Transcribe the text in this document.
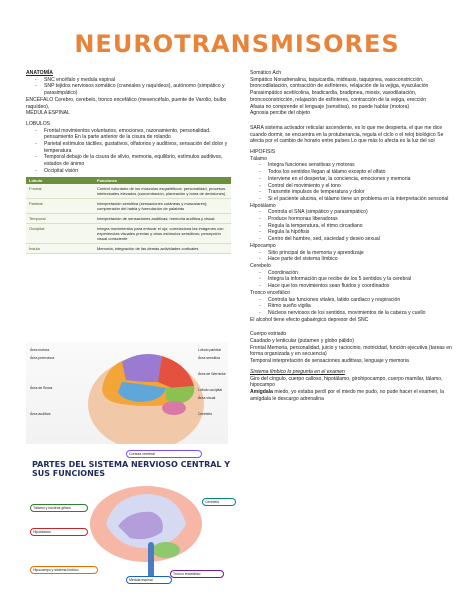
NEUROTRANSMISORES

ANATOMÍA

- SNC encéfalo y medula espinal
- SNP tejidos nerviosos somático (craneales y raquídeos), autónomo (simpático y parasimpático)

ENCÉFALO Cerebro, cerebelo, tronco encefálico (mesencéfalo, puente de Varolio, bulbo raquídeo),

MÉDULA ESPINAL

LOBULOS

- Frontal movimientos voluntarios, emociones, razonamiento, personalidad, pensamiento En la parte anterior de la cisura de rolando
- Parietal estímulos táctiles, gustativos, olfatorios y auditivos, sensación del dolor y temperatura
- Temporal debajo de la cisura de silvio, memoria, equilibrio, estímulos auditivos, estados de ánimo
- Occipital visión
Lóbulo	Funciones
Frontal	Control voluntario de los músculos esqueléticos: personalidad, procesos intelectuales elevados (concentración, planeación y toma de decisiones)
Parietal	Interpretación sensitiva (sensaciones cutáneas y musculares); comprensión del habla y formulación de palabras
Temporal	Interpretación de sensaciones auditivas; memoria auditiva y visual
Occipital	Integra movimientos para enfocar el ojo; correlaciona las imágenes con experiencias visuales previas y otros estímulos sensitivos; percepción visual consciente
Ínsula	Memoria; integración de las demás actividades corticales
Área motora
Área premotora
Área de Broca
Área auditiva
Lóbulo parietal
Área sensitiva
Área de Wernicke
Lóbulo occipital
Área visual
Cerebelo
PARTES DEL SISTEMA NERVIOSO CENTRAL Y SUS FUNCIONES
Corteza cerebral
Tálamo y núcleos grises
Hipotálamo
Hipocampo y sistema límbico
Médula espinal
Tronco encefálico
Cerebelo

Somático Ach

Simpático Noradrenalina, taquicardia, midriasis, taquipnea, vasoconstricción, broncodilatación, contracción de esfínteres, relajación de la vejiga, eyaculación

Parasimpático acetilcolina, bradicardia, bradipnea, miosis, vasodilatación, broncoconstricción, relajación de esfínteres, contracción de la vejiga, erección

Afasia no comprende el lenguaje (sensitiva), no puede hablar (motora)

Agnosia percibe del objeto

SARA sistema activador reticular ascendente, es lo que me despierta, el que me dice cuando dormir, se encuentra en la protuberancia, regula el ciclo o el reloj biológico Se afecta por el cambio de horario entre países Lo que más lo afecta es la luz del sol

HIPOFISIS

Tálamo

- Integra funciones sensitivas y motoras
- Todos los sentidos llegan al tálamo excepto el olfato
- Interviene en el despertar, la conciencia, emociones y memoria
- Control del movimiento y el tono
- Transmite impulsos de temperatura y dolor
- Si el paciente alucina, el tálamo tiene un problema en la interpretación sensorial

Hipotálamo

- Controla el SNA (simpático y parasimpático)
- Produce hormonas liberadoras
- Regula la temperatura, el ritmo circadiano
- Regula la hipófisis
- Centro del hambre, sed, saciedad y deseo sexual

Hipocampo

- Sitio principal de la memoria y aprendizaje
- Hace parte del sistema límbico

Cerebelo

- Coordinación
- Integra la información que recibe de los 5 sentidos y la cerebral
- Hace que los movimientos sean fluidos y coordinados

Tronco encefálico

- Controla las funciones vitales, latido cardiaco y respiración
- Ritmo sueño vigilia
- Núcleos nerviosos de los sentidos, movimientos de la cabeza y cuello

El alcohol tiene efecto gabaérgico depresor del SNC

Cuerpo estriado

Caudado y lenticular (putamen y globo pálido)

Frontal Memoria, personalidad, juicio y raciocinio, motricidad, función ejecutiva (tareas en forma organizada y en secuencia)

Temporal interpretación de sensaciones auditivas, lenguaje y memoria

Sistema límbico lo pregunta en el examen

Giro del cíngulo, cuerpo calloso, hipotálamo, girohipocampo, cuerpo mamilar, tálamo, hipocampo

Amígdala miedo, yo estaba perdí por el miedo me pudo, no pude hacer el examen, la amígdala le descargo adrenalina
